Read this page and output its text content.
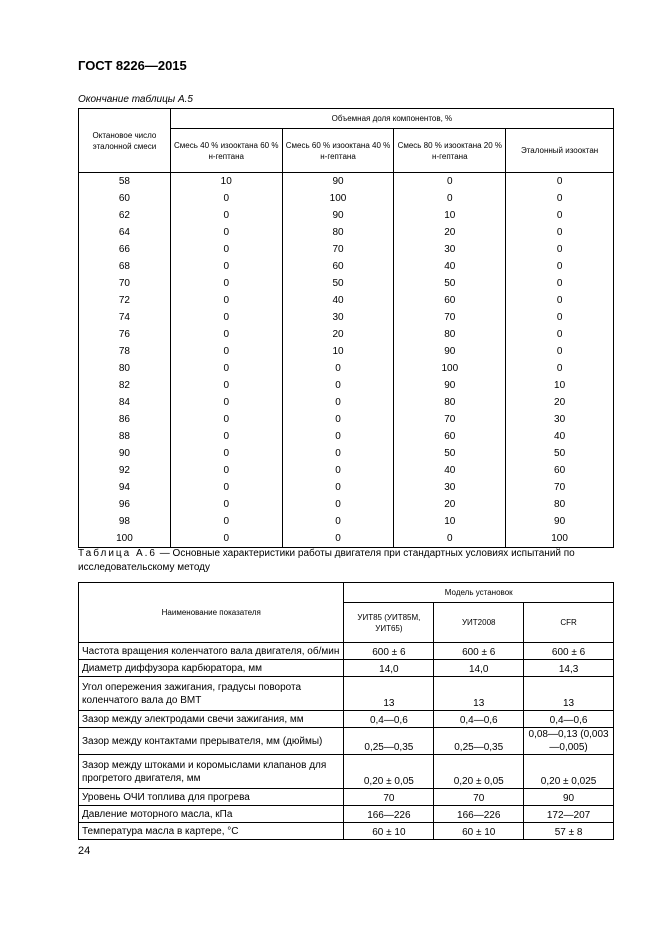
ГОСТ 8226—2015
Окончание таблицы А.5
Октановое число эталонной смеси	Объемная доля компонентов, %			
	Смесь 40 % изооктана 60 % н-гептана	Смесь 60 % изооктана 40 % н-гептана	Смесь 80 % изооктана 20 % н-гептана	Эталонный изооктан
58	10	90	0	0
60	0	100	0	0
62	0	90	10	0
64	0	80	20	0
66	0	70	30	0
68	0	60	40	0
70	0	50	50	0
72	0	40	60	0
74	0	30	70	0
76	0	20	80	0
78	0	10	90	0
80	0	0	100	0
82	0	0	90	10
84	0	0	80	20
86	0	0	70	30
88	0	0	60	40
90	0	0	50	50
92	0	0	40	60
94	0	0	30	70
96	0	0	20	80
98	0	0	10	90
100	0	0	0	100
Таблица А.6 — Основные характеристики работы двигателя при стандартных условиях испытаний по исследовательскому методу
Наименование показателя	Модель установок		
	УИТ85 (УИТ85М, УИТ65)	УИТ2008	CFR
Частота вращения коленчатого вала двигателя, об/мин	600 ± 6	600 ± 6	600 ± 6
Диаметр диффузора карбюратора, мм	14,0	14,0	14,3
Угол опережения зажигания, градусы поворота коленчатого вала до ВМТ	13	13	13
Зазор между электродами свечи зажигания, мм	0,4—0,6	0,4—0,6	0,4—0,6
Зазор между контактами прерывателя, мм (дюймы)	0,25—0,35	0,25—0,35	0,08—0,13 (0,003—0,005)
Зазор между штоками и коромыслами клапанов для прогретого двигателя, мм	0,20 ± 0,05	0,20 ± 0,05	0,20 ± 0,025
Уровень ОЧИ топлива для прогрева	70	70	90
Давление моторного масла, кПа	166—226	166—226	172—207
Температура масла в картере, °С	60 ± 10	60 ± 10	57 ± 8
24
